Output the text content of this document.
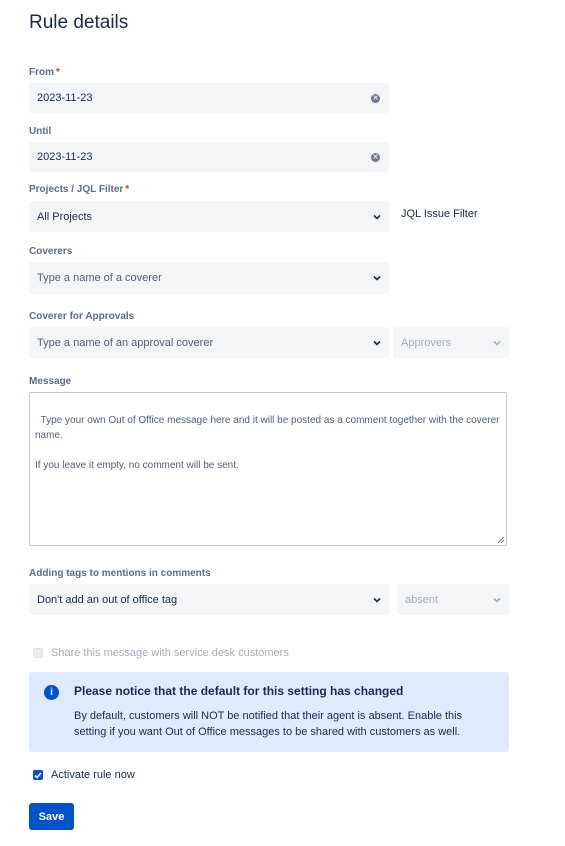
Rule details
From *
2023-11-23	✕
Until
2023-11-23	✕
Projects / JQL Filter *
All Projects	JQL Issue Filter
Coverers
Type a name of a coverer
Coverer for Approvals
Type a name of an approval coverer	Approvers
Message

Type your own Out of Office message here and it will be posted as a comment together with the coverer name.

If you leave it empty, no comment will be sent.

Adding tags to mentions in comments
Don't add an out of office tag	absent
Share this message with service desk customers
i	Please notice that the default for this setting has changed
By default, customers will NOT be notified that their agent is absent. Enable this setting if you want Out of Office messages to be shared with customers as well.
Activate rule now
Save
